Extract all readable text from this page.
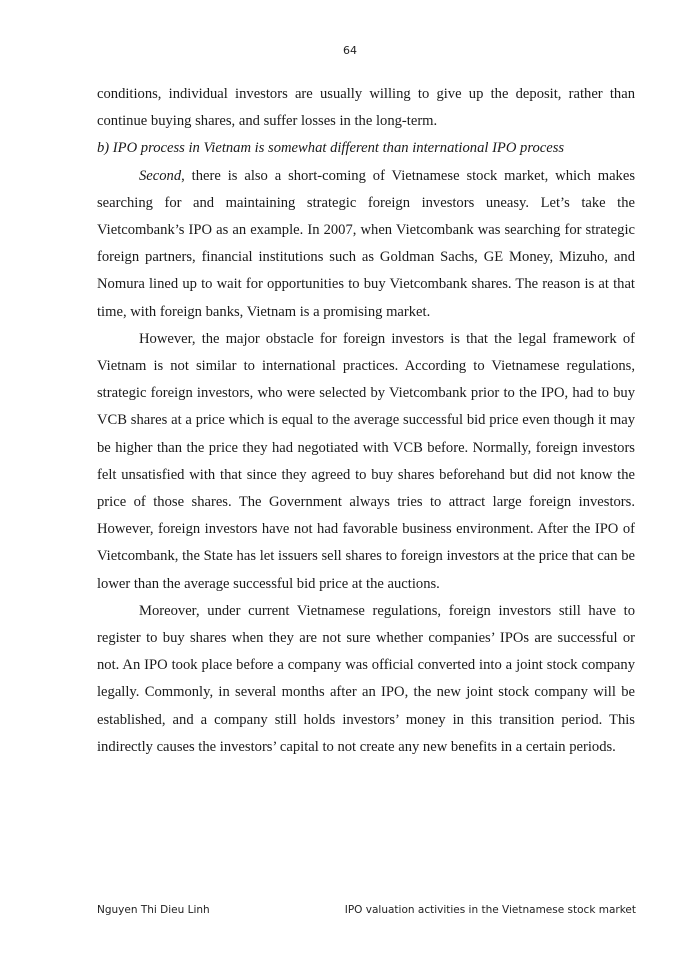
64

conditions, individual investors are usually willing to give up the deposit, rather than continue buying shares, and suffer losses in the long-term.

b) IPO process in Vietnam is somewhat different than international IPO process

Second, there is also a short-coming of Vietnamese stock market, which makes searching for and maintaining strategic foreign investors uneasy. Let’s take the Vietcombank’s IPO as an example. In 2007, when Vietcombank was searching for strategic foreign partners, financial institutions such as Goldman Sachs, GE Money, Mizuho, and Nomura lined up to wait for opportunities to buy Vietcombank shares. The reason is at that time, with foreign banks, Vietnam is a promising market.

However, the major obstacle for foreign investors is that the legal framework of Vietnam is not similar to international practices. According to Vietnamese regulations, strategic foreign investors, who were selected by Vietcombank prior to the IPO, had to buy VCB shares at a price which is equal to the average successful bid price even though it may be higher than the price they had negotiated with VCB before. Normally, foreign investors felt unsatisfied with that since they agreed to buy shares beforehand but did not know the price of those shares. The Government always tries to attract large foreign investors. However, foreign investors have not had favorable business environment. After the IPO of Vietcombank, the State has let issuers sell shares to foreign investors at the price that can be lower than the average successful bid price at the auctions.

Moreover, under current Vietnamese regulations, foreign investors still have to register to buy shares when they are not sure whether companies’ IPOs are successful or not. An IPO took place before a company was official converted into a joint stock company legally. Commonly, in several months after an IPO, the new joint stock company will be established, and a company still holds investors’ money in this transition period. This indirectly causes the investors’ capital to not create any new benefits in a certain periods.

Nguyen Thi Dieu Linh	IPO valuation activities in the Vietnamese stock market
